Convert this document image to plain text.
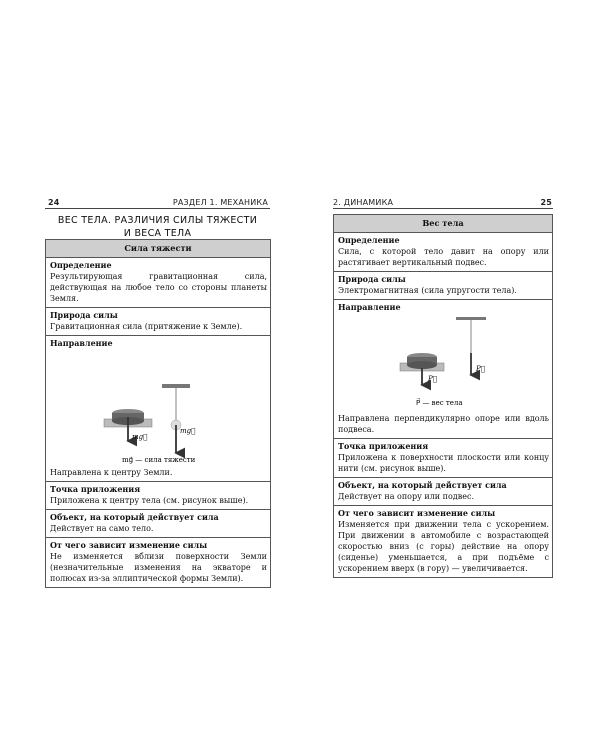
24	РАЗДЕЛ 1. МЕХАНИКА
ВЕС ТЕЛА. РАЗЛИЧИЯ СИЛЫ ТЯЖЕСТИ
И ВЕСА ТЕЛА
Сила тяжести

Определение
Результирующая гравитационная сила, действующая на любое тело со стороны планеты Земля.

Природа силы
Гравитационная сила (притяжение к Земле).

Направление
mg⃗
mg⃗
mg⃗ — сила тяжести
Направлена к центру Земли.

Точка приложения
Приложена к центру тела (см. рисунок выше).

Объект, на который действует сила
Действует на само тело.

От чего зависит изменение силы
Не изменяется вблизи поверхности Земли (незначительные изменения на экваторе и полюсах из-за эллиптической формы Земли).
2. ДИНАМИКА	25
Вес тела

Определение
Сила, с которой тело давит на опору или растягивает вертикальный подвес.

Природа силы
Электромагнитная (сила упругости тела).

Направление
P⃗
P⃗
P⃗ — вес тела
Направлена перпендикулярно опоре или вдоль подвеса.

Точка приложения
Приложена к поверхности плоскости или концу нити (см. рисунок выше).

Объект, на который действует сила
Действует на опору или подвес.

От чего зависит изменение силы
Изменяется при движении тела с ускорением. При движении в автомобиле с возрастающей скоростью вниз (с горы) действие на опору (сиденье) уменьшается, а при подъёме с ускорением вверх (в гору) — увеличивается.
